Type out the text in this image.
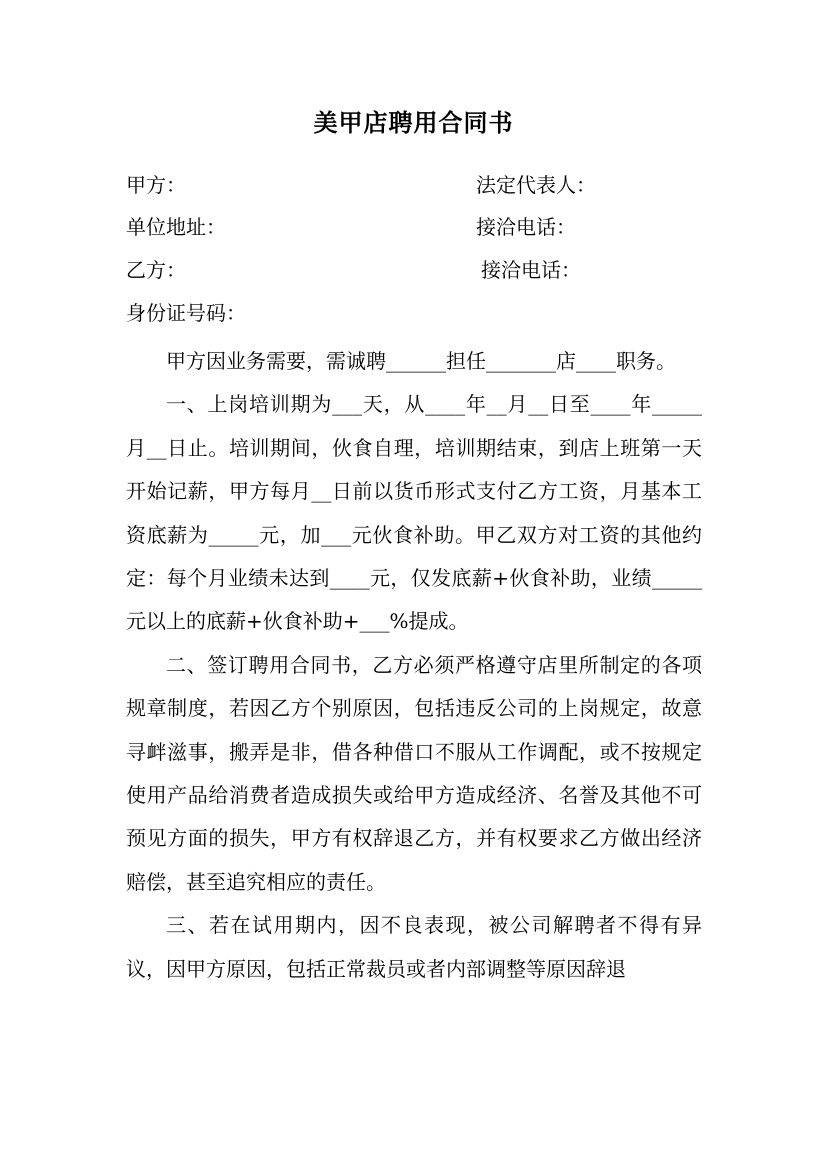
美甲店聘用合同书
甲方：	法定代表人：
单位地址：	接洽电话：
乙方：	接洽电话：
身份证号码：

甲方因业务需要，需诚聘______担任_______店____职务。

一、上岗培训期为___天，从____年__月__日至____年_____月__日止。培训期间，伙食自理，培训期结束，到店上班第一天开始记薪，甲方每月__日前以货币形式支付乙方工资，月基本工资底薪为_____元，加___元伙食补助。甲乙双方对工资的其他约定：每个月业绩未达到____元，仅发底薪+伙食补助，业绩_____元以上的底薪+伙食补助+___%提成。

二、签订聘用合同书，乙方必须严格遵守店里所制定的各项规章制度，若因乙方个别原因，包括违反公司的上岗规定，故意寻衅滋事，搬弄是非，借各种借口不服从工作调配，或不按规定使用产品给消费者造成损失或给甲方造成经济、名誉及其他不可预见方面的损失，甲方有权辞退乙方，并有权要求乙方做出经济赔偿，甚至追究相应的责任。

三、若在试用期内，因不良表现，被公司解聘者不得有异议，因甲方原因，包括正常裁员或者内部调整等原因辞退
